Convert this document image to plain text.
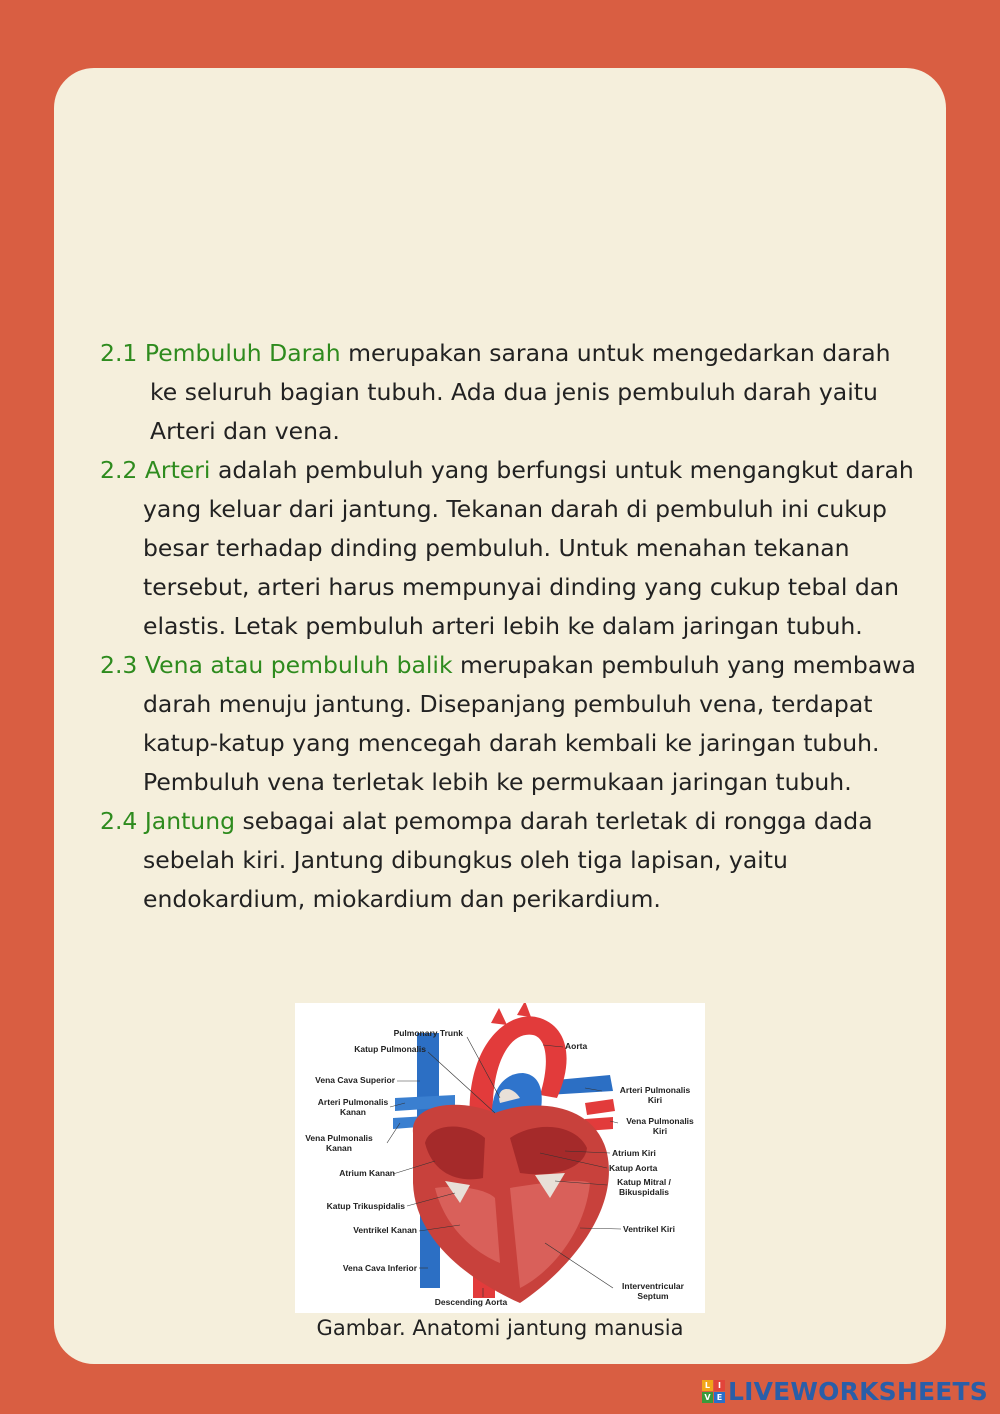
2.1 Pembuluh Darah merupakan sarana untuk mengedarkan darah ke seluruh bagian tubuh. Ada dua jenis pembuluh darah yaitu Arteri dan vena.

2.2 Arteri adalah pembuluh yang berfungsi untuk mengangkut darah yang keluar dari jantung. Tekanan darah di pembuluh ini cukup besar terhadap dinding pembuluh. Untuk menahan tekanan tersebut, arteri harus mempunyai dinding yang cukup tebal dan elastis. Letak pembuluh arteri lebih ke dalam jaringan tubuh.

2.3 Vena atau pembuluh balik merupakan pembuluh yang membawa darah menuju jantung. Disepanjang pembuluh vena, terdapat katup-katup yang mencegah darah kembali ke jaringan tubuh. Pembuluh vena terletak lebih ke permukaan jaringan tubuh.

2.4 Jantung sebagai alat pemompa darah terletak di rongga dada sebelah kiri. Jantung dibungkus oleh tiga lapisan, yaitu endokardium, miokardium dan perikardium.

Pulmonary Trunk
Katup Pulmonalis	Aorta
Vena Cava Superior
Arteri Pulmonalis
Kanan
Arteri Pulmonalis
Kiri
Vena Pulmonalis
Kanan
Vena Pulmonalis
Kiri
Atrium Kanan
Atrium Kiri
Katup Aorta
Katup Mitral /
Bikuspidalis
Katup Trikuspidalis
Ventrikel Kanan	Ventrikel Kiri
Vena Cava Inferior
Interventricular
Septum
Descending Aorta
Gambar. Anatomi jantung manusia
L I
V E LIVEWORKSHEETS
